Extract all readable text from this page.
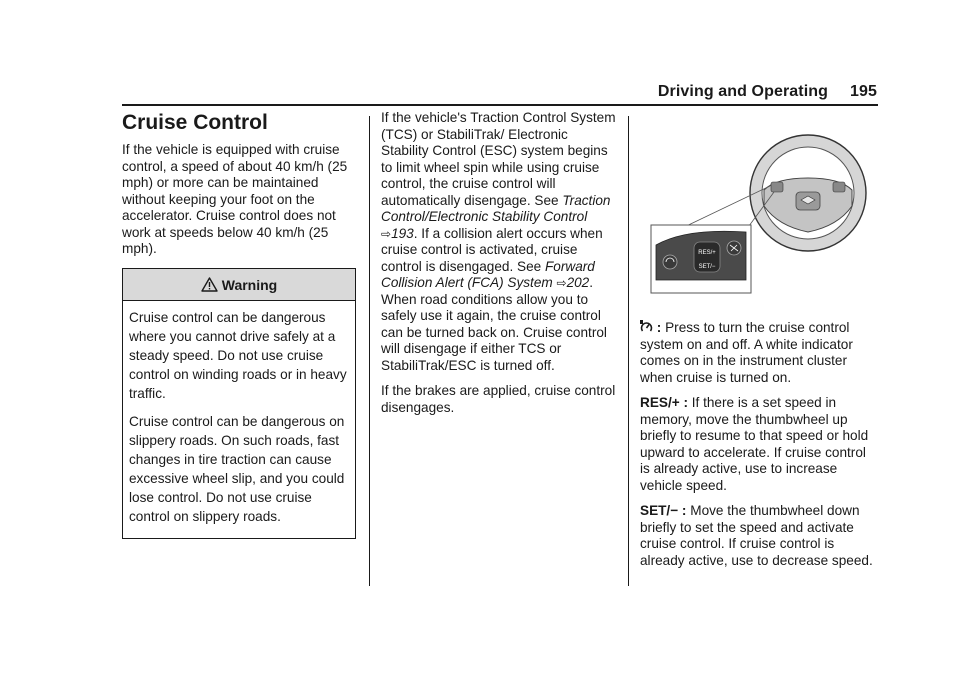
Driving and Operating 195
Cruise Control

If the vehicle is equipped with cruise control, a speed of about 40 km/h (25 mph) or more can be maintained without keeping your foot on the accelerator. Cruise control does not work at speeds below 40 km/h (25 mph).

Warning

Cruise control can be dangerous where you cannot drive safely at a steady speed. Do not use cruise control on winding roads or in heavy traffic.

Cruise control can be dangerous on slippery roads. On such roads, fast changes in tire traction can cause excessive wheel slip, and you could lose control. Do not use cruise control on slippery roads.

If the vehicle's Traction Control System (TCS) or StabiliTrak/ Electronic Stability Control (ESC) system begins to limit wheel spin while using cruise control, the cruise control will automatically disengage. See Traction Control/Electronic Stability Control ⇨193. If a collision alert occurs when cruise control is activated, cruise control is disengaged. See Forward Collision Alert (FCA) System ⇨202. When road conditions allow you to safely use it again, the cruise control can be turned back on. Cruise control will disengage if either TCS or StabiliTrak/ESC is turned off.

If the brakes are applied, cruise control disengages.

RES/+
SET/−

: Press to turn the cruise control system on and off. A white indicator comes on in the instrument cluster when cruise is turned on.

RES/+ : If there is a set speed in memory, move the thumbwheel up briefly to resume to that speed or hold upward to accelerate. If cruise control is already active, use to increase vehicle speed.

SET/− : Move the thumbwheel down briefly to set the speed and activate cruise control. If cruise control is already active, use to decrease speed.
